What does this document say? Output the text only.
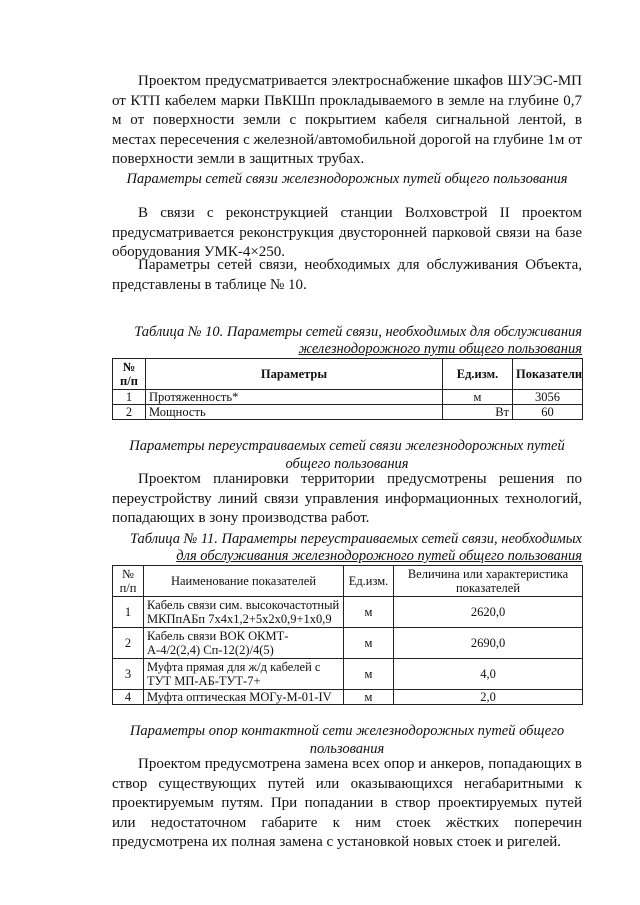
Проектом предусматривается электроснабжение шкафов ШУЭС-МП от КТП кабелем марки ПвКШп прокладываемого в земле на глубине 0,7 м от поверхности земли с покрытием кабеля сигнальной лентой, в местах пересечения с железной/автомобильной дорогой на глубине 1м от поверхности земли в защитных трубах.

Параметры сетей связи железнодорожных путей общего пользования

В связи с реконструкцией станции Волховстрой II проектом предусматривается реконструкция двусторонней парковой связи на базе оборудования УМК-4×250.

Параметры сетей связи, необходимых для обслуживания Объекта, представлены в таблице № 10.

Таблица № 10. Параметры сетей связи, необходимых для обслуживания
железнодорожного пути общего пользования

№ п/п	Параметры	Ед.изм.	Показатели
1	Протяженность*	м	3056
2	Мощность	Вт	60

Параметры переустраиваемых сетей связи железнодорожных путей общего пользования

Проектом планировки территории предусмотрены решения по переустройству линий связи управления информационных технологий, попадающих в зону производства работ.

Таблица № 11. Параметры переустраиваемых сетей связи, необходимых
для обслуживания железнодорожного путей общего пользования

№ п/п	Наименование показателей	Ед.изм.	Величина или характеристика показателей
1	Кабель связи сим. высокочастотный МКПпАБп 7х4х1,2+5х2х0,9+1х0,9	м	2620,0
2	Кабель связи ВОК ОКМТ-А-4/2(2,4) Сп-12(2)/4(5)	м	2690,0
3	Муфта прямая для ж/д кабелей с ТУТ МП-АБ-ТУТ-7+	м	4,0
4	Муфта оптическая МОГу-М-01-IV	м	2,0

Параметры опор контактной сети железнодорожных путей общего пользования

Проектом предусмотрена замена всех опор и анкеров, попадающих в створ существующих путей или оказывающихся негабаритными к проектируемым путям. При попадании в створ проектируемых путей или недостаточном габарите к ним стоек жёстких поперечин предусмотрена их полная замена с установкой новых стоек и ригелей.
